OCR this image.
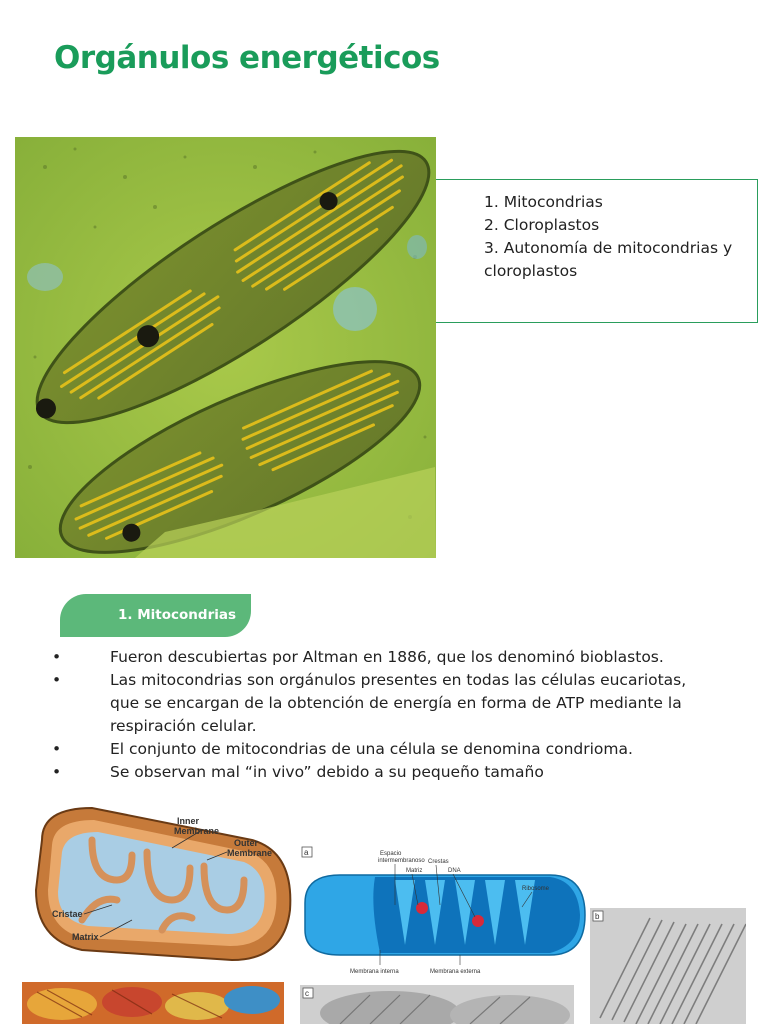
Orgánulos energéticos
1. Mitocondrias
2. Cloroplastos
3. Autonomía de mitocondrias y cloroplastos
1. Mitocondrias
•	Fueron descubiertas por Altman en 1886, que los denominó bioblastos.
•	Las mitocondrias son orgánulos presentes en todas las células eucariotas, que se encargan de la obtención de energía en forma de ATP mediante la respiración celular.
•	El conjunto de mitocondrias de una célula se denomina condrioma.
•	Se observan mal “in vivo” debido a su pequeño tamaño
Inner
Membrane
Outer
Membrane
Cristae
Matrix
a	Espacio
intermembranoso Crestas
Matriz	DNA
Ribosome
Membrana interna	Membrana externa
b
c
